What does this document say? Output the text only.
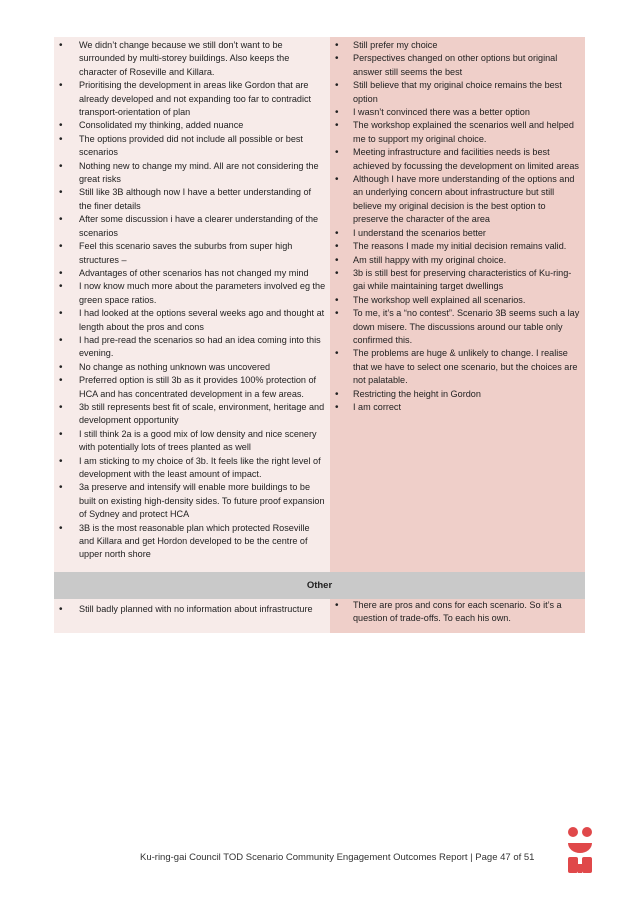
• We didn’t change because we still don’t want to be surrounded by multi-storey buildings. Also keeps the character of Roseville and Killara.
• Prioritising the development in areas like Gordon that are already developed and not expanding too far to contradict transport-orientation of plan
• Consolidated my thinking, added nuance
• The options provided did not include all possible or best scenarios
• Nothing new to change my mind. All are not considering the great risks
• Still like 3B although now I have a better understanding of the finer details
• After some discussion i have a clearer understanding of the scenarios
• Feel this scenario saves the suburbs from super high structures –
• Advantages of other scenarios has not changed my mind
• I now know much more about the parameters involved eg the green space ratios.
• I had looked at the options several weeks ago and thought at length about the pros and cons
• I had pre-read the scenarios so had an idea coming into this evening.
• No change as nothing unknown was uncovered
• Preferred option is still 3b as it provides 100% protection of HCA and has concentrated development in a few areas.
• 3b still represents best fit of scale, environment, heritage and development opportunity
• I still think 2a is a good mix of low density and nice scenery with potentially lots of trees planted as well
• I am sticking to my choice of 3b. It feels like the right level of development with the least amount of impact.
• 3a preserve and intensify will enable more buildings to be built on existing high-density sides. To future proof expansion of Sydney and protect HCA
• 3B is the most reasonable plan which protected Roseville and Killara and get Hordon developed to be the centre of upper north shore
• Still prefer my choice
• Perspectives changed on other options but original answer still seems the best
• Still believe that my original choice remains the best option
• I wasn’t convinced there was a better option
• The workshop explained the scenarios well and helped me to support my original choice.
• Meeting infrastructure and facilities needs is best achieved by focussing the development on limited areas
• Although I have more understanding of the options and an underlying concern about infrastructure but still believe my original decision is the best option to preserve the character of the area
• I understand the scenarios better
• The reasons I made my initial decision remains valid.
• Am still happy with my original choice.
• 3b is still best for preserving characteristics of Ku-ring-gai while maintaining target dwellings
• The workshop well explained all scenarios.
• To me, it’s a “no contest”. Scenario 3B seems such a lay down misere. The discussions around our table only confirmed this.
• The problems are huge & unlikely to change. I realise that we have to select one scenario, but the choices are not palatable.
• Restricting the height in Gordon
• I am correct
Other
• Still badly planned with no information about infrastructure
•	There are pros and cons for each scenario. So it’s a question of trade-offs. To each his own.
Ku-ring-gai Council TOD Scenario Community Engagement Outcomes Report | Page 47 of 51
